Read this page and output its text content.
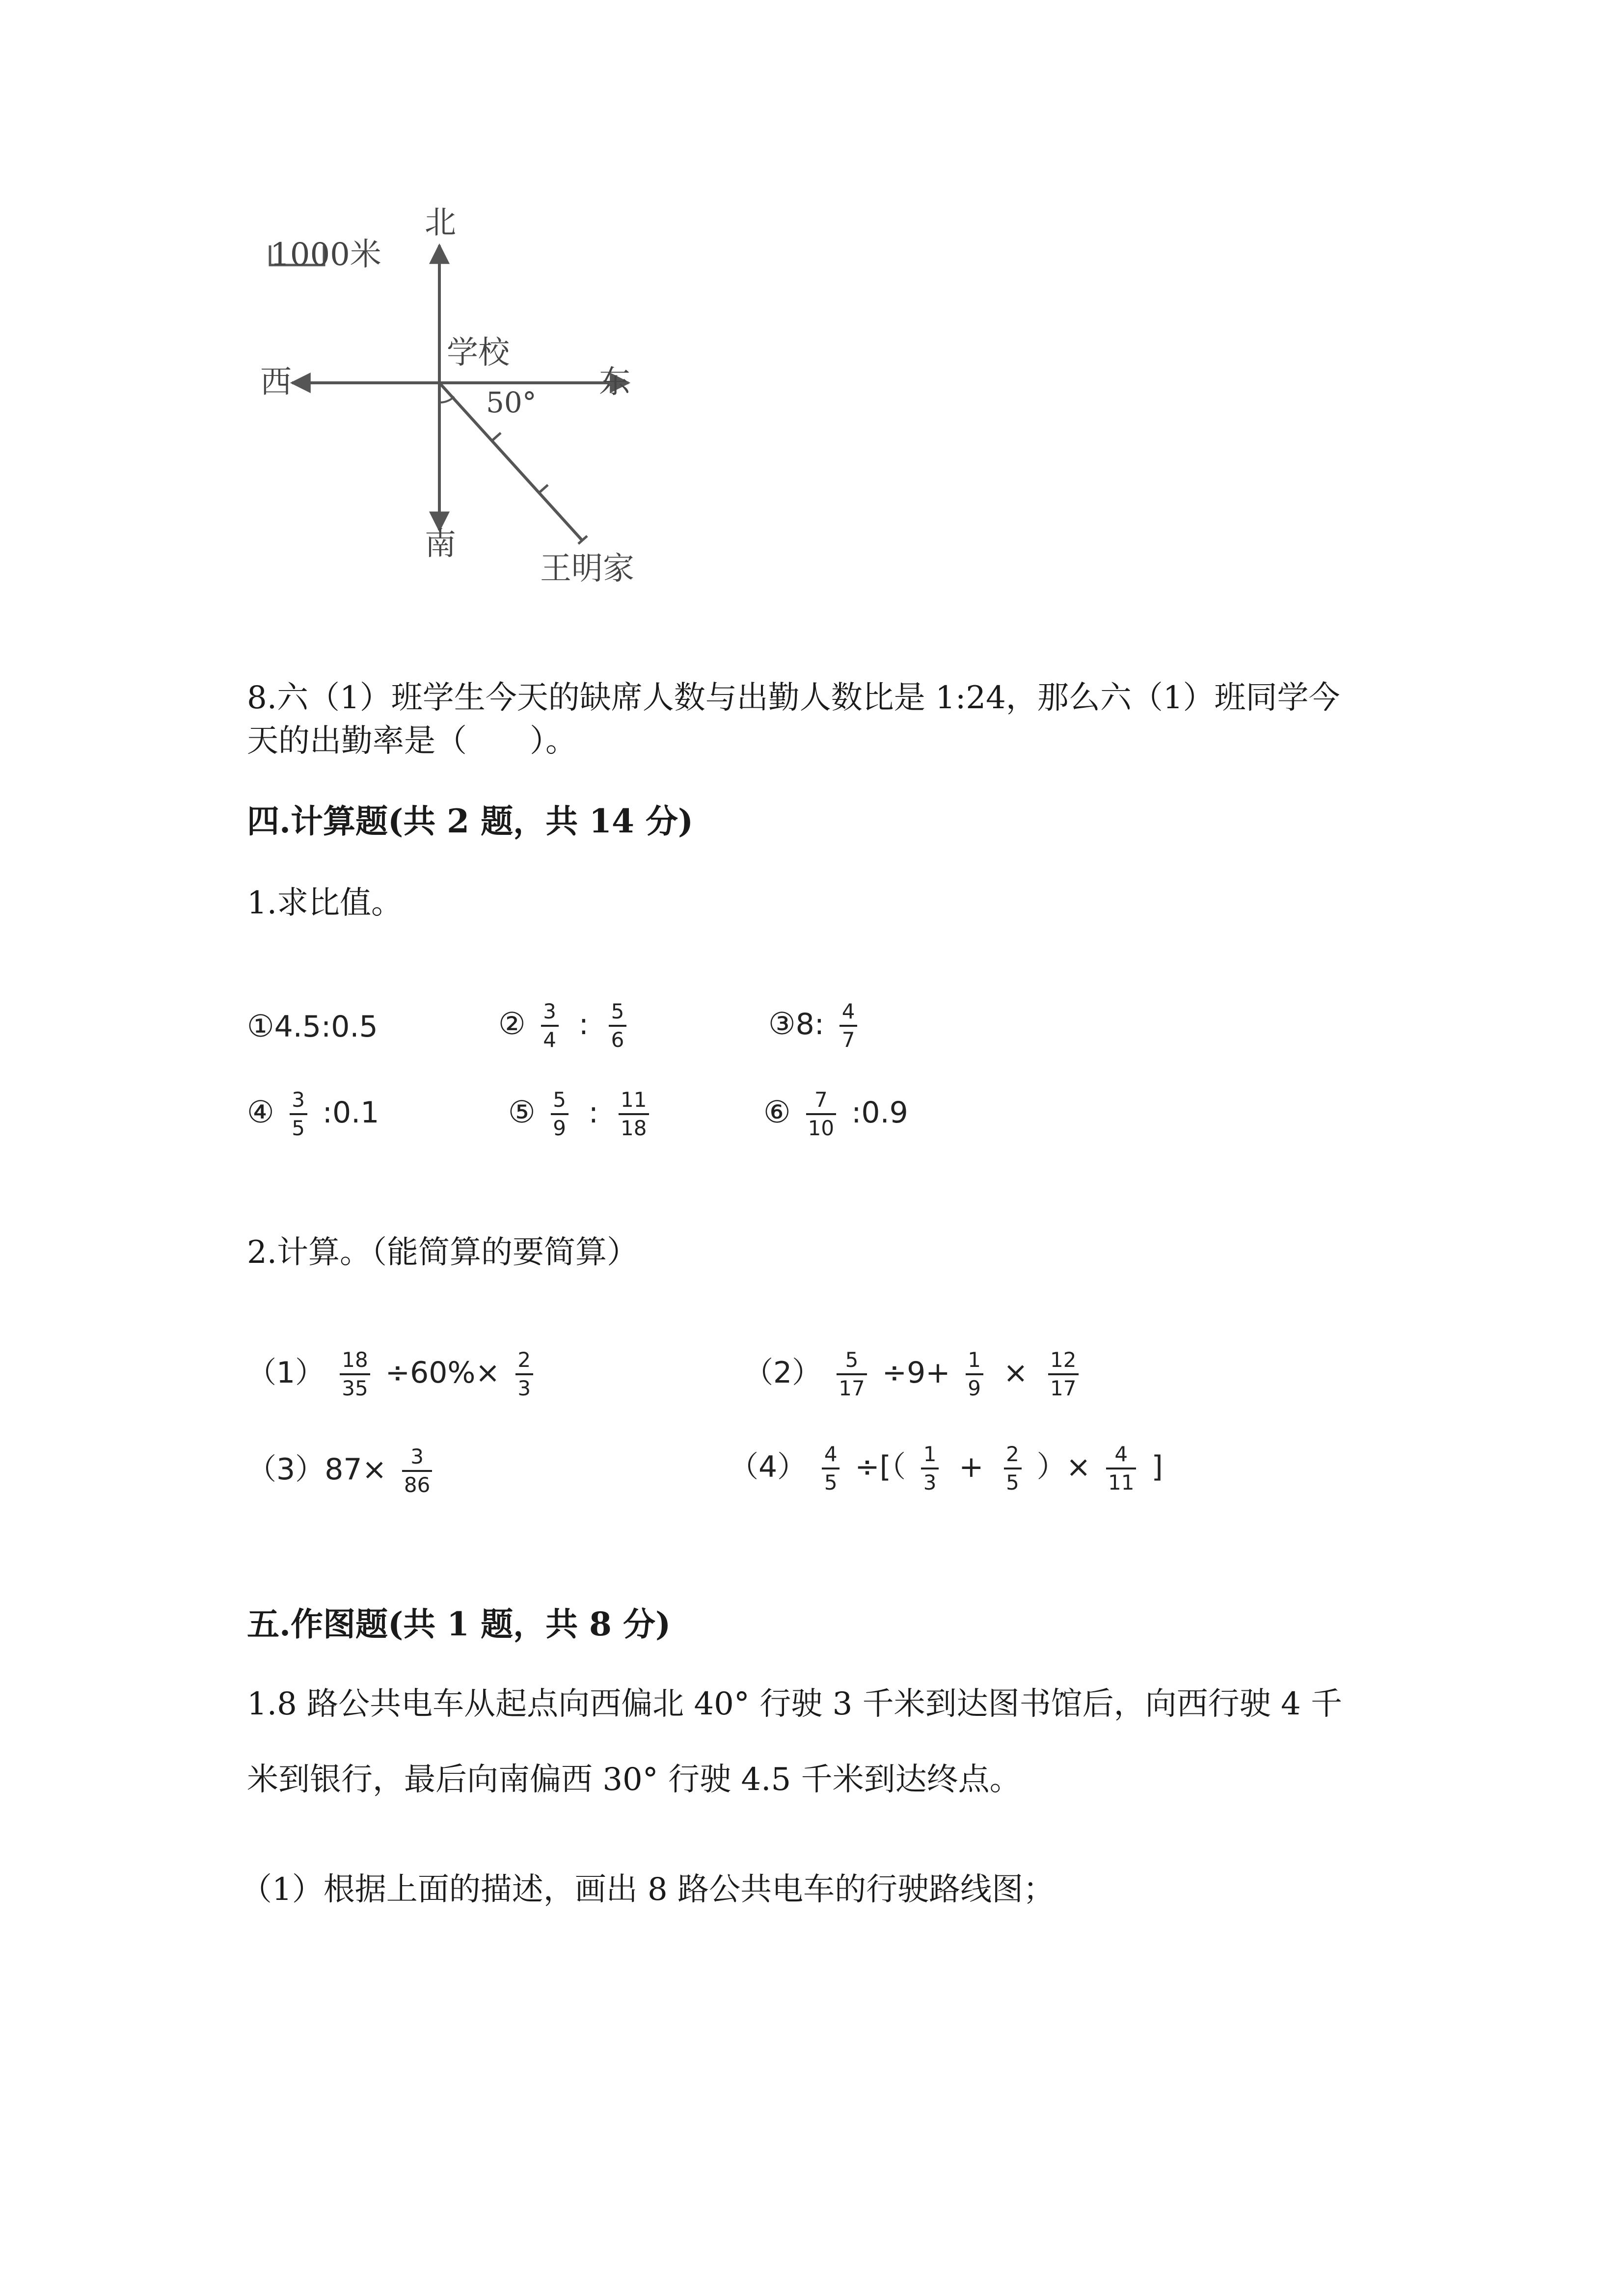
1000米
北
南
西	东
学校
50°
王明家
8.六（1）班学生今天的缺席人数与出勤人数比是 1:24，那么六（1）班同学今
天的出勤率是（　　）。
四.计算题(共 2 题，共 14 分)
1.求比值。
①4.5:0.5	② $\frac{3}{4}$ : $\frac{5}{6}$	③8: $\frac{4}{7}$
④ $\frac{3}{5}$ :0.1	⑤ $\frac{5}{9}$ : $\frac{11}{18}$	⑥ $\frac{7}{10}$ :0.9
2.计算。（能简算的要简算）
$(1) \frac{18}{35} \div 60\%\times \frac{2}{3}$	$(2) \frac{5}{17} \div 9+ \frac{1}{9} \times \frac{12}{17}$
$(3)87\times \frac{3}{86}$	$(4) \frac{4}{5}$ ÷[（ $\frac{1}{3} + \frac{2}{5}$ ）× $\frac{4}{11}$ ]
五.作图题(共 1 题，共 8 分)
1.8 路公共电车从起点向西偏北 40° 行驶 3 千米到达图书馆后，向西行驶 4 千
米到银行，最后向南偏西 30° 行驶 4.5 千米到达终点。
（1）根据上面的描述，画出 8 路公共电车的行驶路线图；
